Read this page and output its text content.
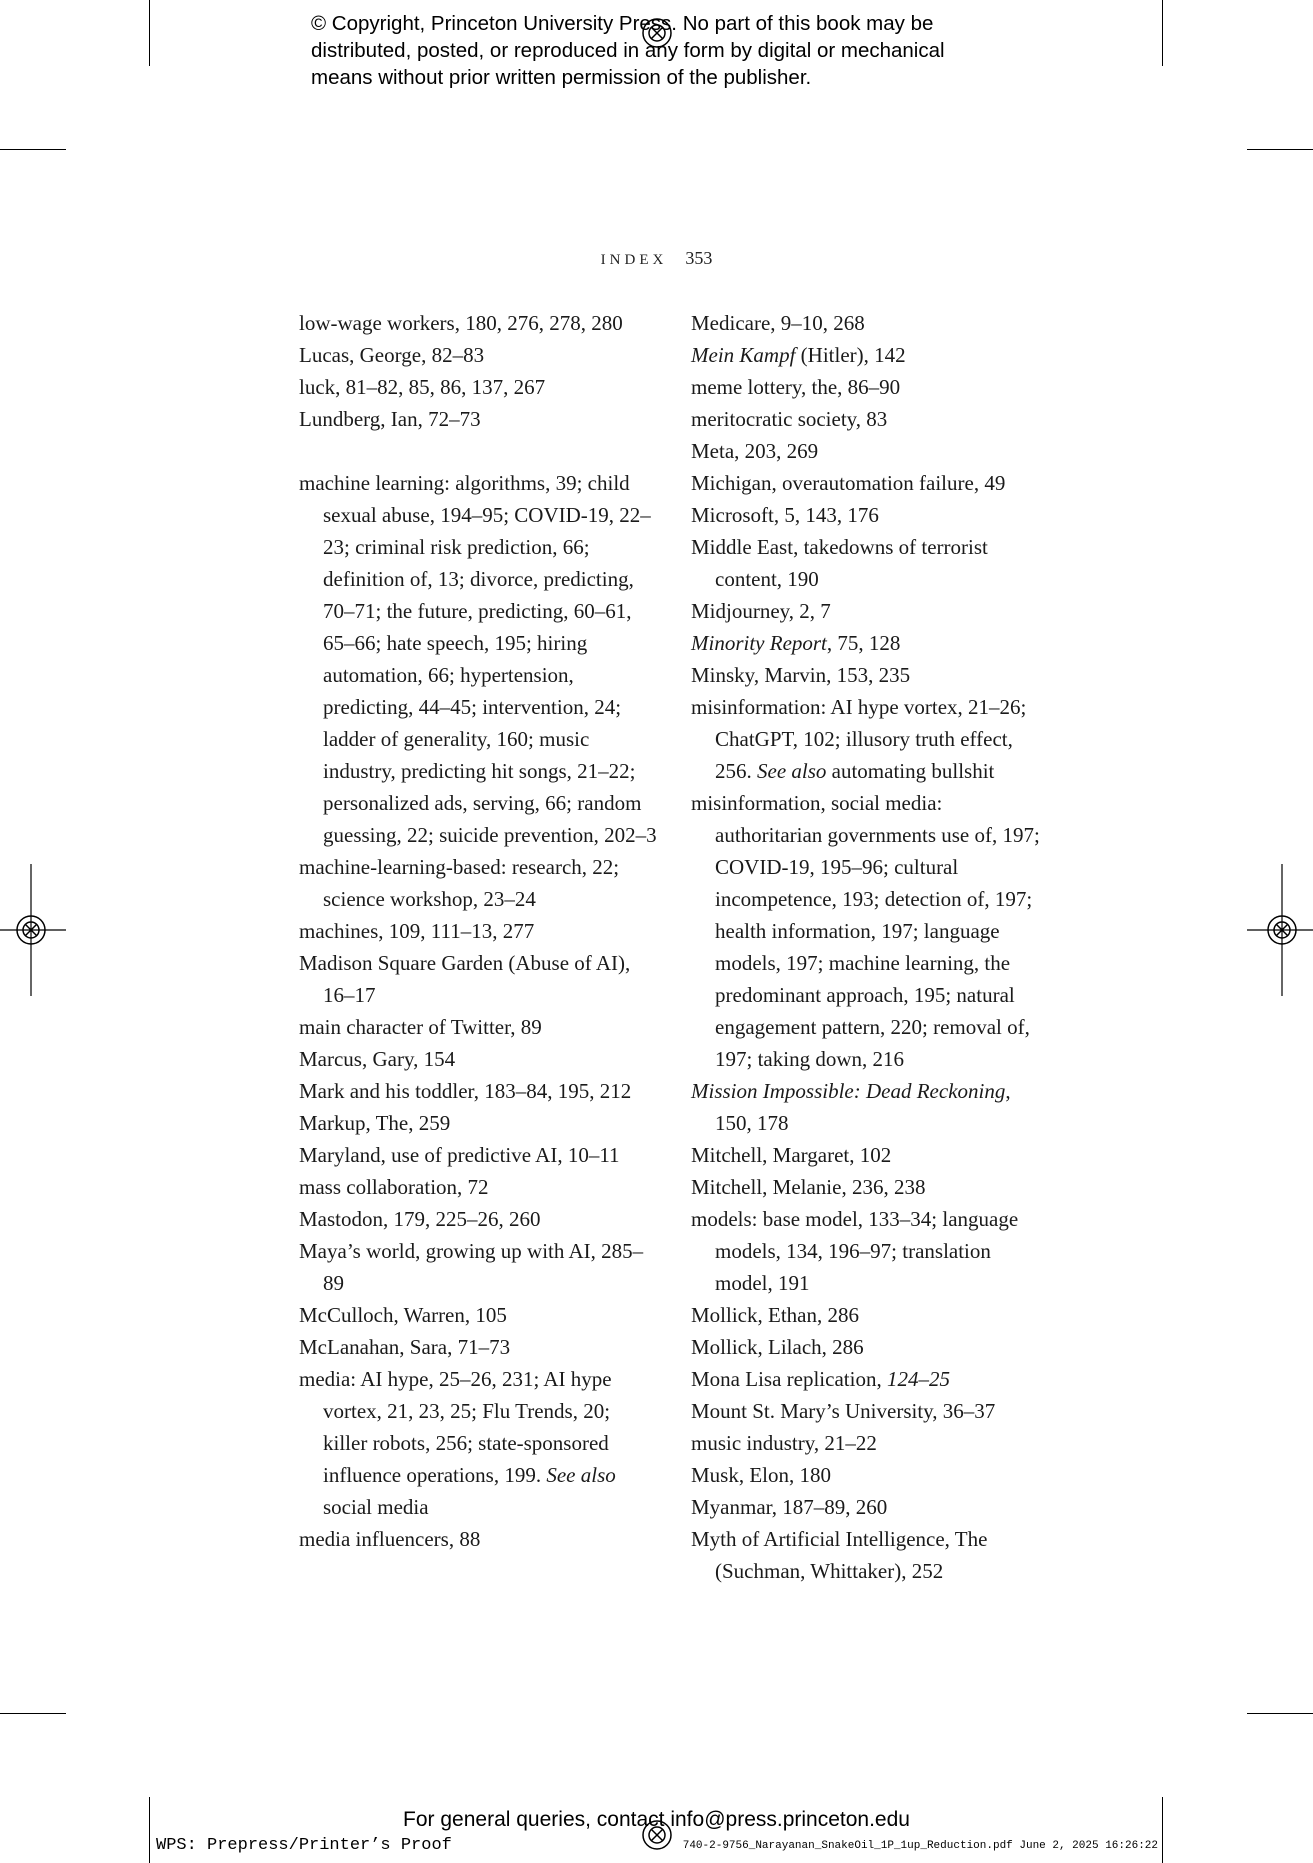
© Copyright, Princeton University Press. No part of this book may be
distributed, posted, or reproduced in any form by digital or mechanical
means without prior written permission of the publisher.
INDEX 353
low-wage workers, 180, 276, 278, 280
Lucas, George, 82–83
luck, 81–82, 85, 86, 137, 267
Lundberg, Ian, 72–73
machine learning: algorithms, 39; child sexual abuse, 194–95; COVID-19, 22–23; criminal risk prediction, 66; definition of, 13; divorce, predicting, 70–71; the future, predicting, 60–61, 65–66; hate speech, 195; hiring automation, 66; hypertension, predicting, 44–45; intervention, 24; ladder of generality, 160; music industry, predicting hit songs, 21–22; personalized ads, serving, 66; random guessing, 22; suicide prevention, 202–3
machine-learning-based: research, 22; science workshop, 23–24
machines, 109, 111–13, 277
Madison Square Garden (Abuse of AI), 16–17
main character of Twitter, 89
Marcus, Gary, 154
Mark and his toddler, 183–84, 195, 212
Markup, The, 259
Maryland, use of predictive AI, 10–11
mass collaboration, 72
Mastodon, 179, 225–26, 260
Maya’s world, growing up with AI, 285–89
McCulloch, Warren, 105
McLanahan, Sara, 71–73
media: AI hype, 25–26, 231; AI hype vortex, 21, 23, 25; Flu Trends, 20; killer robots, 256; state-sponsored influence operations, 199. See also social media
media influencers, 88
Medicare, 9–10, 268
Mein Kampf (Hitler), 142
meme lottery, the, 86–90
meritocratic society, 83
Meta, 203, 269
Michigan, overautomation failure, 49
Microsoft, 5, 143, 176
Middle East, takedowns of terrorist content, 190
Midjourney, 2, 7
Minority Report, 75, 128
Minsky, Marvin, 153, 235
misinformation: AI hype vortex, 21–26; ChatGPT, 102; illusory truth effect, 256. See also automating bullshit
misinformation, social media: authoritarian governments use of, 197; COVID-19, 195–96; cultural incompetence, 193; detection of, 197; health information, 197; language models, 197; machine learning, the predominant approach, 195; natural engagement pattern, 220; removal of, 197; taking down, 216
Mission Impossible: Dead Reckoning, 150, 178
Mitchell, Margaret, 102
Mitchell, Melanie, 236, 238
models: base model, 133–34; language models, 134, 196–97; translation model, 191
Mollick, Ethan, 286
Mollick, Lilach, 286
Mona Lisa replication, 124–25
Mount St. Mary’s University, 36–37
music industry, 21–22
Musk, Elon, 180
Myanmar, 187–89, 260
Myth of Artificial Intelligence, The (Suchman, Whittaker), 252
For general queries, contact info@press.princeton.edu
WPS: Prepress/Printer’s Proof	740-2-9756_Narayanan_SnakeOil_1P_1up_Reduction.pdf June 2, 2025 16:26:22
